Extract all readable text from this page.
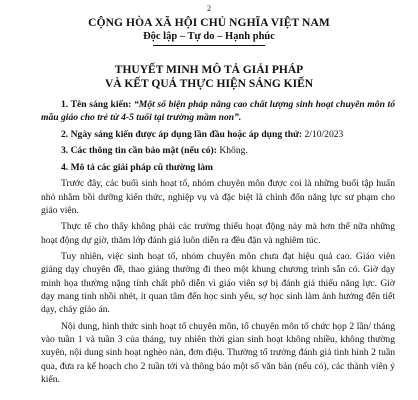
2
CỘNG HÒA XÃ HỘI CHỦ NGHĨA VIỆT NAM
Độc lập – Tự do – Hạnh phúc
THUYẾT MINH MÔ TẢ GIẢI PHÁP
VÀ KẾT QUẢ THỰC HIỆN SÁNG KIẾN

1. Tên sáng kiến: “Một số biện pháp nâng cao chất lượng sinh hoạt chuyên môn tổ mẫu giáo cho trẻ từ 4-5 tuổi tại trường mầm non”.

2. Ngày sáng kiến được áp dụng lần đầu hoặc áp dụng thử: 2/10/2023

3. Các thông tin cần bảo mật (nếu có): Không.

4. Mô tả các giải pháp cũ thường làm

Trước đây, các buổi sinh hoạt tổ, nhóm chuyên môn được coi là những buổi tập huấn nhỏ nhằm bồi dưỡng kiến thức, nghiệp vụ và đặc biệt là chỉnh đốn năng lực sư phạm cho giáo viên.

Thực tế cho thấy không phải các trường thiếu hoạt động này mà hơn thế nữa những hoạt động dự giờ, thăm lớp đánh giá luôn diễn ra đều đặn và nghiêm túc.

Tuy nhiên, việc sinh hoạt tổ, nhóm chuyên môn chưa đạt hiệu quả cao. Giáo viên giảng dạy chuyên đề, thao giảng thường đi theo một khung chương trình sẵn có. Giờ dạy minh họa thường nặng tính chất phô diễn vì giáo viên sợ bị đánh giá thiếu năng lực. Giờ dạy mang tính nhồi nhét, ít quan tâm đến học sinh yếu, sợ học sinh làm ảnh hưởng đến tiết dạy, cháy giáo án.

Nội dung, hình thức sinh hoạt tổ chuyên môn, tổ chuyên môn tổ chức họp 2 lần/ tháng vào tuần 1 và tuần 3 của tháng, tuy nhiên thời gian sinh hoạt không nhiều, không thường xuyên, nội dung sinh hoạt nghèo nàn, đơn điệu. Thường tổ trưởng đánh giá tình hình 2 tuần qua, đưa ra kế hoạch cho 2 tuần tới và thông báo một số văn bản (nếu có), các thành viên ý kiến.
